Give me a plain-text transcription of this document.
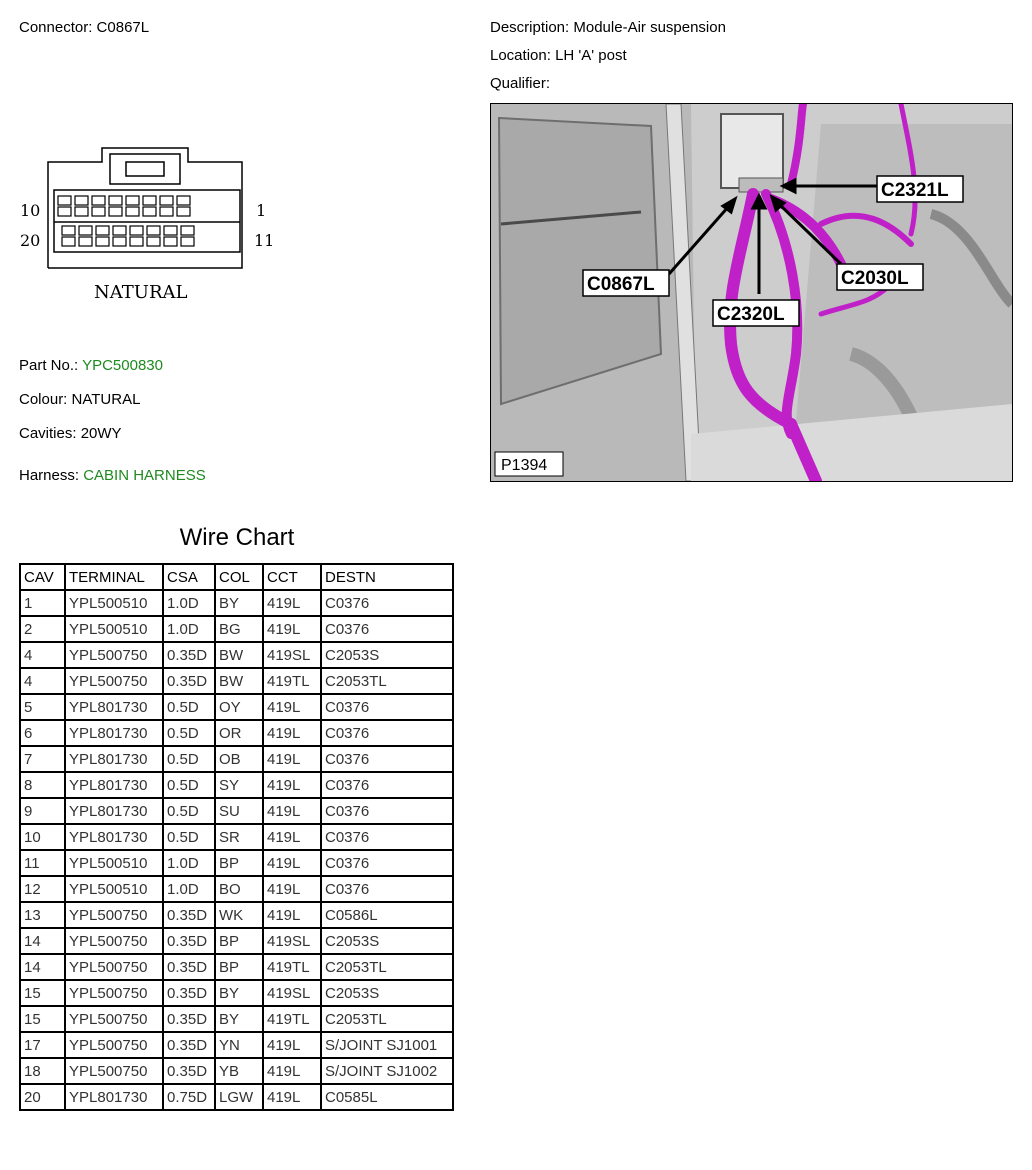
Connector: C0867L	Description: Module-Air suspension
Location: LH 'A' post
Qualifier:
10	1
20	11
NATURAL
Part No.: YPC500830
Colour: NATURAL
Cavities: 20WY
Harness: CABIN HARNESS
C2321L
C0867L	C2030L
C2320L
P1394
Wire Chart
CAV	TERMINAL	CSA	COL	CCT	DESTN
1	YPL500510	1.0D	BY	419L	C0376
2	YPL500510	1.0D	BG	419L	C0376
4	YPL500750	0.35D	BW	419SL	C2053S
4	YPL500750	0.35D	BW	419TL	C2053TL
5	YPL801730	0.5D	OY	419L	C0376
6	YPL801730	0.5D	OR	419L	C0376
7	YPL801730	0.5D	OB	419L	C0376
8	YPL801730	0.5D	SY	419L	C0376
9	YPL801730	0.5D	SU	419L	C0376
10	YPL801730	0.5D	SR	419L	C0376
11	YPL500510	1.0D	BP	419L	C0376
12	YPL500510	1.0D	BO	419L	C0376
13	YPL500750	0.35D	WK	419L	C0586L
14	YPL500750	0.35D	BP	419SL	C2053S
14	YPL500750	0.35D	BP	419TL	C2053TL
15	YPL500750	0.35D	BY	419SL	C2053S
15	YPL500750	0.35D	BY	419TL	C2053TL
17	YPL500750	0.35D	YN	419L	S/JOINT SJ1001
18	YPL500750	0.35D	YB	419L	S/JOINT SJ1002
20	YPL801730	0.75D	LGW	419L	C0585L
